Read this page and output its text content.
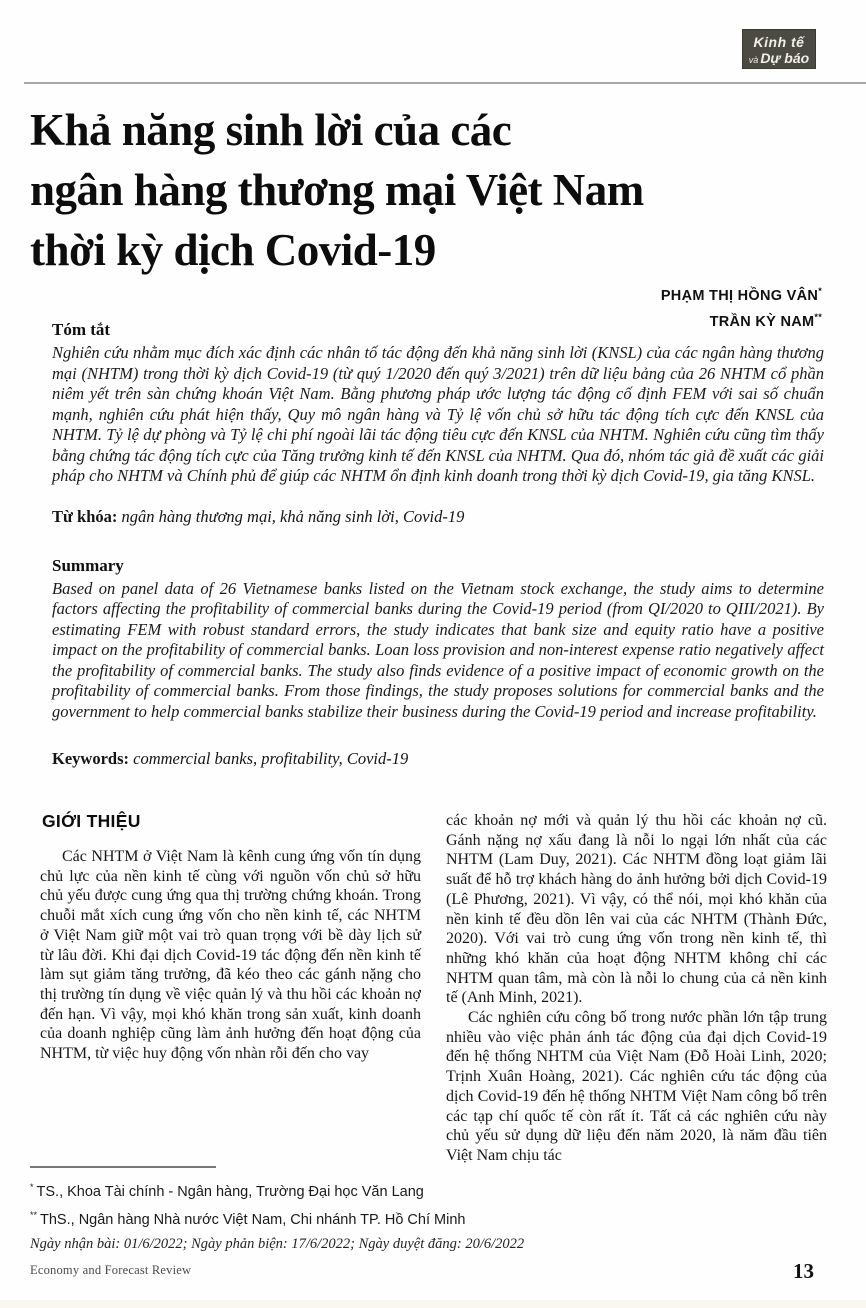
Kinh tế
và Dự báo
Khả năng sinh lời của các
ngân hàng thương mại Việt Nam
thời kỳ dịch Covid-19
PHẠM THỊ HỒNG VÂN*
TRẦN KỲ NAM**
Tóm tắt

Nghiên cứu nhằm mục đích xác định các nhân tố tác động đến khả năng sinh lời (KNSL) của các ngân hàng thương mại (NHTM) trong thời kỳ dịch Covid-19 (từ quý 1/2020 đến quý 3/2021) trên dữ liệu bảng của 26 NHTM cổ phần niêm yết trên sàn chứng khoán Việt Nam. Bằng phương pháp ước lượng tác động cố định FEM với sai số chuẩn mạnh, nghiên cứu phát hiện thấy, Quy mô ngân hàng và Tỷ lệ vốn chủ sở hữu tác động tích cực đến KNSL của NHTM. Tỷ lệ dự phòng và Tỷ lệ chi phí ngoài lãi tác động tiêu cực đến KNSL của NHTM. Nghiên cứu cũng tìm thấy bằng chứng tác động tích cực của Tăng trưởng kinh tế đến KNSL của NHTM. Qua đó, nhóm tác giả đề xuất các giải pháp cho NHTM và Chính phủ để giúp các NHTM ổn định kinh doanh trong thời kỳ dịch Covid-19, gia tăng KNSL.

Từ khóa: ngân hàng thương mại, khả năng sinh lời, Covid-19

Summary

Based on panel data of 26 Vietnamese banks listed on the Vietnam stock exchange, the study aims to determine factors affecting the profitability of commercial banks during the Covid-19 period (from QI/2020 to QIII/2021). By estimating FEM with robust standard errors, the study indicates that bank size and equity ratio have a positive impact on the profitability of commercial banks. Loan loss provision and non-interest expense ratio negatively affect the profitability of commercial banks. The study also finds evidence of a positive impact of economic growth on the profitability of commercial banks. From those findings, the study proposes solutions for commercial banks and the government to help commercial banks stabilize their business during the Covid-19 period and increase profitability.

Keywords: commercial banks, profitability, Covid-19

GIỚI THIỆU

Các NHTM ở Việt Nam là kênh cung ứng vốn tín dụng chủ lực của nền kinh tế cùng với nguồn vốn chủ sở hữu chủ yếu được cung ứng qua thị trường chứng khoán. Trong chuỗi mắt xích cung ứng vốn cho nền kinh tế, các NHTM ở Việt Nam giữ một vai trò quan trọng với bề dày lịch sử từ lâu đời. Khi đại dịch Covid-19 tác động đến nền kinh tế làm sụt giảm tăng trưởng, đã kéo theo các gánh nặng cho thị trường tín dụng về việc quản lý và thu hồi các khoản nợ đến hạn. Vì vậy, mọi khó khăn trong sản xuất, kinh doanh của doanh nghiệp cũng làm ảnh hưởng đến hoạt động của NHTM, từ việc huy động vốn nhàn rỗi đến cho vay

các khoản nợ mới và quản lý thu hồi các khoản nợ cũ. Gánh nặng nợ xấu đang là nỗi lo ngại lớn nhất của các NHTM (Lam Duy, 2021). Các NHTM đồng loạt giảm lãi suất để hỗ trợ khách hàng do ảnh hưởng bởi dịch Covid-19 (Lê Phương, 2021). Vì vậy, có thể nói, mọi khó khăn của nền kinh tế đều dồn lên vai của các NHTM (Thành Đức, 2020). Với vai trò cung ứng vốn trong nền kinh tế, thì những khó khăn của hoạt động NHTM không chỉ các NHTM quan tâm, mà còn là nỗi lo chung của cả nền kinh tế (Anh Minh, 2021).

Các nghiên cứu công bố trong nước phần lớn tập trung nhiều vào việc phản ánh tác động của đại dịch Covid-19 đến hệ thống NHTM của Việt Nam (Đỗ Hoài Linh, 2020; Trịnh Xuân Hoàng, 2021). Các nghiên cứu tác động của dịch Covid-19 đến hệ thống NHTM Việt Nam công bố trên các tạp chí quốc tế còn rất ít. Tất cả các nghiên cứu này chủ yếu sử dụng dữ liệu đến năm 2020, là năm đầu tiên Việt Nam chịu tác

* TS., Khoa Tài chính - Ngân hàng, Trường Đại học Văn Lang
** ThS., Ngân hàng Nhà nước Việt Nam, Chi nhánh TP. Hồ Chí Minh
Ngày nhận bài: 01/6/2022; Ngày phản biện: 17/6/2022; Ngày duyệt đăng: 20/6/2022
Economy and Forecast Review	13
